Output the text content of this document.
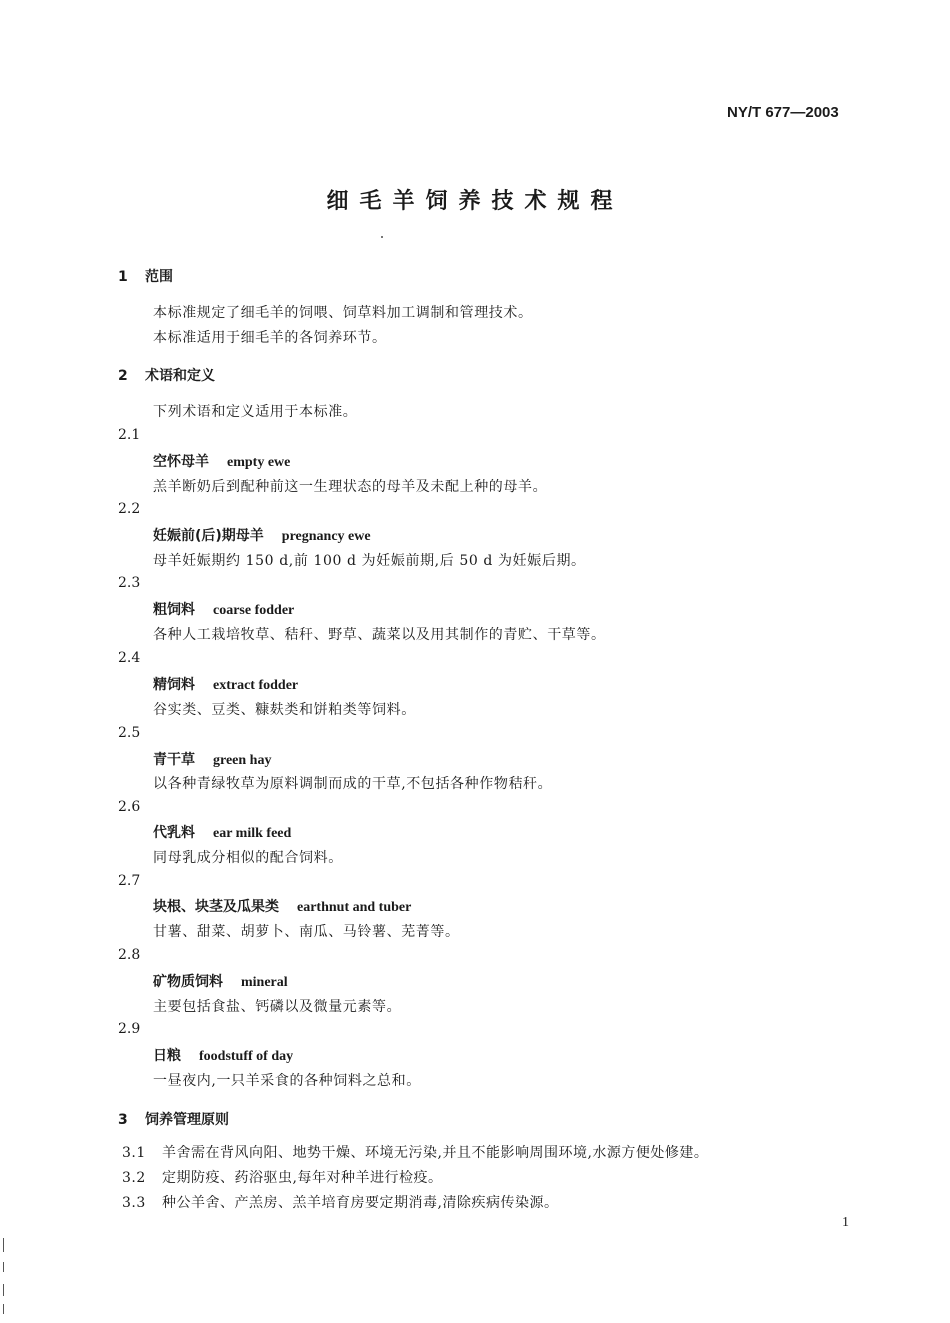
NY/T 677—2003
细毛羊饲养技术规程
1 范围
本标准规定了细毛羊的饲喂、饲草料加工调制和管理技术。
本标准适用于细毛羊的各饲养环节。
2 术语和定义
下列术语和定义适用于本标准。
2.1
空怀母羊 empty ewe
羔羊断奶后到配种前这一生理状态的母羊及未配上种的母羊。
2.2
妊娠前(后)期母羊 pregnancy ewe
母羊妊娠期约 150 d,前 100 d 为妊娠前期,后 50 d 为妊娠后期。
2.3
粗饲料 coarse fodder
各种人工栽培牧草、秸秆、野草、蔬菜以及用其制作的青贮、干草等。
2.4
精饲料 extract fodder
谷实类、豆类、糠麸类和饼粕类等饲料。
2.5
青干草 green hay
以各种青绿牧草为原料调制而成的干草,不包括各种作物秸秆。
2.6
代乳料 ear milk feed
同母乳成分相似的配合饲料。
2.7
块根、块茎及瓜果类 earthnut and tuber
甘薯、甜菜、胡萝卜、南瓜、马铃薯、芜菁等。
2.8
矿物质饲料 mineral
主要包括食盐、钙磷以及微量元素等。
2.9
日粮 foodstuff of day
一昼夜内,一只羊采食的各种饲料之总和。
3 饲养管理原则
3.1 羊舍需在背风向阳、地势干燥、环境无污染,并且不能影响周围环境,水源方便处修建。
3.2 定期防疫、药浴驱虫,每年对种羊进行检疫。
3.3 种公羊舍、产羔房、羔羊培育房要定期消毒,清除疾病传染源。
1
